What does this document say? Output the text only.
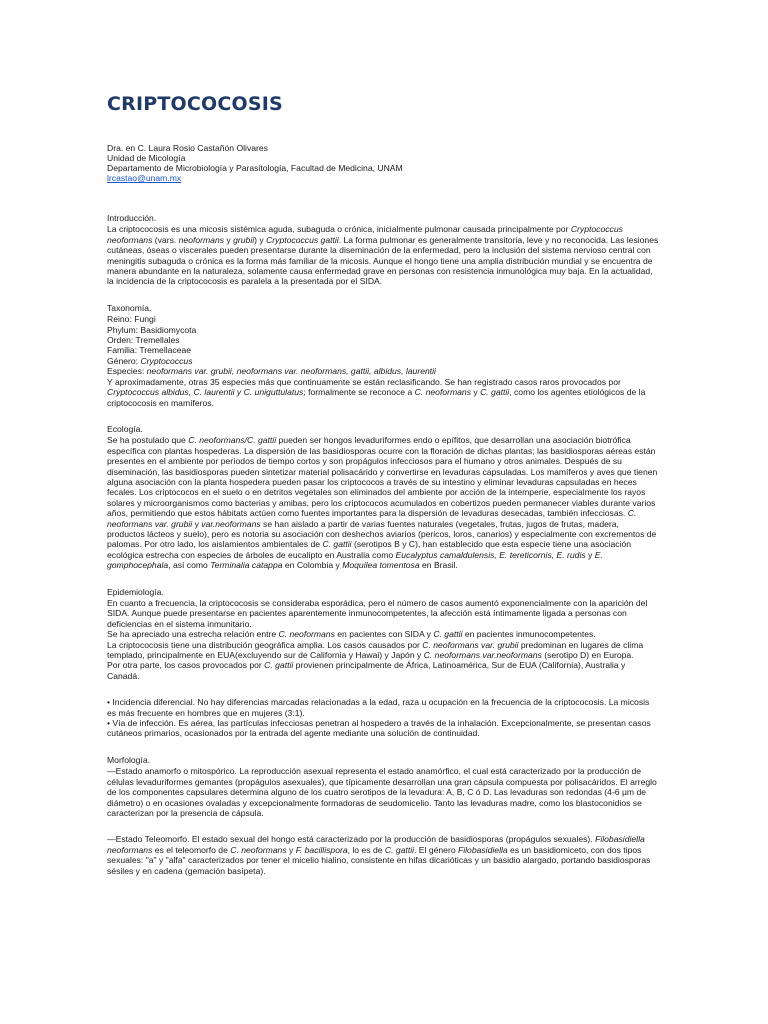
CRIPTOCOCOSIS
Dra. en C. Laura Rosio Castañón Olivares
Unidad de Micología
Departamento de Microbiología y Parasitología, Facultad de Medicina, UNAM
lrcastao@unam.mx
Introducción.

La criptococosis es una micosis sistémica aguda, subaguda o crónica, inicialmente pulmonar causada principalmente por Cryptococcus neoformans (vars. neoformans y grubii) y Cryptococcus gattii. La forma pulmonar es generalmente transitoria, leve y no reconocida. Las lesiones cutáneas, óseas o viscerales pueden presentarse durante la diseminación de la enfermedad, pero la inclusión del sistema nervioso central con meningitis subaguda o crónica es la forma más familiar de la micosis. Aunque el hongo tiene una amplia distribución mundial y se encuentra de manera abundante en la naturaleza, solamente causa enfermedad grave en personas con resistencia inmunológica muy baja. En la actualidad, la incidencia de la criptococosis es paralela a la presentada por el SIDA.

Taxonomía.
Reino: Fungi
Phylum: Basidiomycota
Orden: Tremellales
Familia: Tremellaceae
Género: Cryptococcus
Especies: neoformans var. grubii, neoformans var. neoformans, gattii, albidus, laurentii

Y aproximadamente, otras 35 especies más que continuamente se están reclasificando. Se han registrado casos raros provocados por Cryptococcus albidus, C. laurentii y C. uniguttulatus; formalmente se reconoce a C. neoformans y C. gattii, como los agentes etiológicos de la criptococosis en mamíferos.

Ecología.

Se ha postulado que C. neoformans/C. gattii pueden ser hongos levaduriformes endo o epífitos, que desarrollan una asociación biotrófica específica con plantas hospederas. La dispersión de las basidiosporas ocurre con la floración de dichas plantas; las basidiosporas aéreas están presentes en el ambiente por períodos de tiempo cortos y son propágulos infecciosos para el humano y otros animales. Después de su diseminación, las basidiosporas pueden sintetizar material polisacárido y convertirse en levaduras capsuladas. Los mamíferos y aves que tienen alguna asociación con la planta hospedera pueden pasar los criptococos a través de su intestino y eliminar levaduras capsuladas en heces fecales. Los criptococos en el suelo o en detritos vegetales son eliminados del ambiente por acción de la intemperie, especialmente los rayos solares y microorganismos como bacterias y amibas, pero los criptococos acumulados en cobertizos pueden permanecer viables durante varios años, permitiendo que estos hábitats actúen como fuentes importantes para la dispersión de levaduras desecadas, también infecciosas. C. neoformans var. grubii y var.neoformans se han aislado a partir de varias fuentes naturales (vegetales, frutas, jugos de frutas, madera, productos lácteos y suelo), pero es notoria su asociación con deshechos aviarios (pericos, loros, canarios) y especialmente con excrementos de palomas. Por otro lado, los aislamientos ambientales de C. gattii (serotipos B y C), han establecido que esta especie tiene una asociación ecológica estrecha con especies de árboles de eucalipto en Australia como Eucalyptus camaldulensis, E. tereticornis, E. rudis y E. gomphocephala, así como Terminalia catappa en Colombia y Moquilea tomentosa en Brasil.

Epidemiología.
En cuanto a frecuencia, la criptococosis se consideraba esporádica, pero el número de casos aumentó exponencialmente con la aparición del SIDA. Aunque puede presentarse en pacientes aparentemente inmunocompetentes, la afección está íntimamente ligada a personas con deficiencias en el sistema inmunitario.
Se ha apreciado una estrecha relación entre C. neoformans en pacientes con SIDA y C. gattii en pacientes inmunocompetentes.
La criptococosis tiene una distribución geográfica amplia. Los casos causados por C. neoformans var. grubii predominan en lugares de clima templado, principalmente en EUA(excluyendo sur de California y Hawai) y Japón y C. neoformans var.neoformans (serotipo D) en Europa.
Por otra parte, los casos provocados por C. gattii provienen principalmente de África, Latinoamérica, Sur de EUA (California), Australia y Canadá.
• Incidencia diferencial. No hay diferencias marcadas relacionadas a la edad, raza u ocupación en la frecuencia de la criptococosis. La micosis es más frecuente en hombres que en mujeres (3:1).
• Vía de infección. Es aérea, las partículas infecciosas penetran al hospedero a través de la inhalación. Excepcionalmente, se presentan casos cutáneos primarios, ocasionados por la entrada del agente mediante una solución de continuidad.
Morfología.

—Estado anamorfo o mitospórico. La reproducción asexual representa el estado anamórfico, el cual está caracterizado por la producción de células levaduriformes gemantes (propágulos asexuales), que típicamente desarrollan una gran cápsula compuesta por polisacáridos. El arreglo de los componentes capsulares determina alguno de los cuatro serotipos de la levadura: A, B, C ó D. Las levaduras son redondas (4-6 µm de diámetro) o en ocasiones ovaladas y excepcionalmente formadoras de seudomicelio. Tanto las levaduras madre, como los blastoconidios se caracterizan por la presencia de cápsula.

—Estado Teleomorfo. El estado sexual del hongo está caracterizado por la producción de basidiosporas (propágulos sexuales). Filobasidiella neoformans es el teleomorfo de C. neoformans y F. bacillispora, lo es de C. gattii. El género Filobasidiella es un basidiomiceto, con dos tipos sexuales: "a" y "alfa" caracterizados por tener el micelio hialino, consistente en hifas dicarióticas y un basidio alargado, portando basidiosporas sésiles y en cadena (gemación basípeta).
